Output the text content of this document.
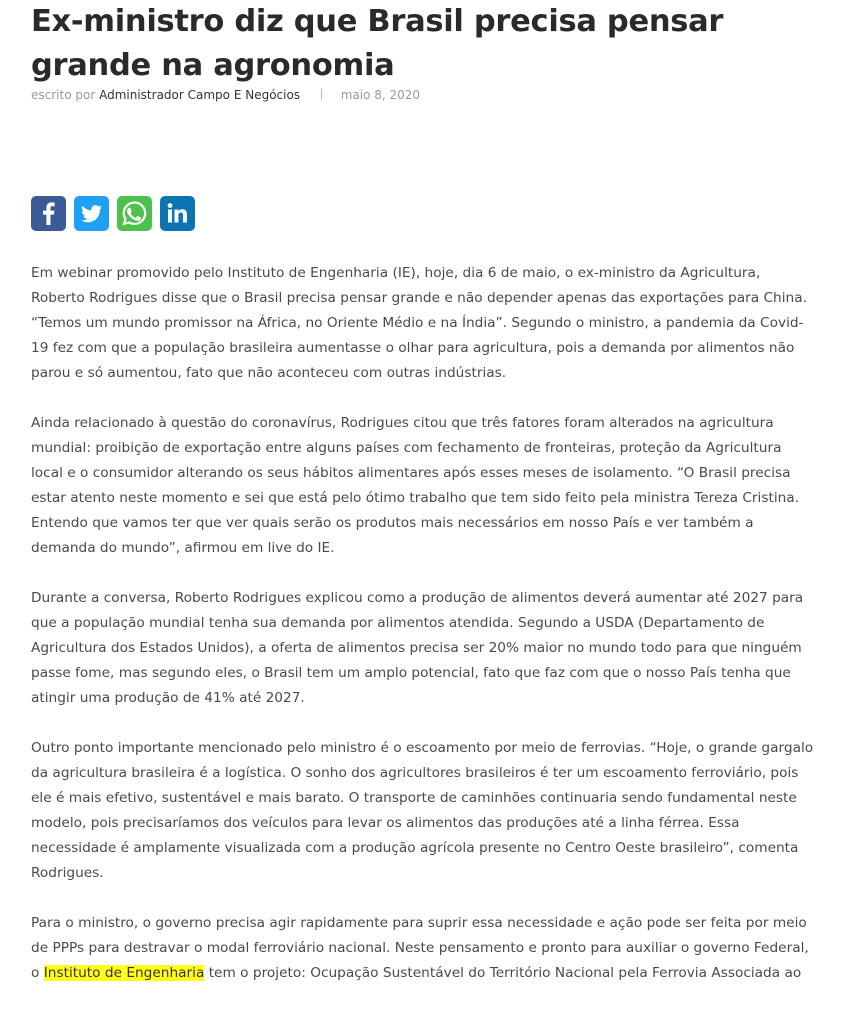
Ex-ministro diz que Brasil precisa pensar grande na agronomia
escrito por Administrador Campo E Negócios	maio 8, 2020

Em webinar promovido pelo Instituto de Engenharia (IE), hoje, dia 6 de maio, o ex-ministro da Agricultura, Roberto Rodrigues disse que o Brasil precisa pensar grande e não depender apenas das exportações para China. “Temos um mundo promissor na África, no Oriente Médio e na Índia”. Segundo o ministro, a pandemia da Covid-19 fez com que a população brasileira aumentasse o olhar para agricultura, pois a demanda por alimentos não parou e só aumentou, fato que não aconteceu com outras indústrias.

Ainda relacionado à questão do coronavírus, Rodrigues citou que três fatores foram alterados na agricultura mundial: proibição de exportação entre alguns países com fechamento de fronteiras, proteção da Agricultura local e o consumidor alterando os seus hábitos alimentares após esses meses de isolamento. “O Brasil precisa estar atento neste momento e sei que está pelo ótimo trabalho que tem sido feito pela ministra Tereza Cristina. Entendo que vamos ter que ver quais serão os produtos mais necessários em nosso País e ver também a demanda do mundo”, afirmou em live do IE.

Durante a conversa, Roberto Rodrigues explicou como a produção de alimentos deverá aumentar até 2027 para que a população mundial tenha sua demanda por alimentos atendida. Segundo a USDA (Departamento de Agricultura dos Estados Unidos), a oferta de alimentos precisa ser 20% maior no mundo todo para que ninguém passe fome, mas segundo eles, o Brasil tem um amplo potencial, fato que faz com que o nosso País tenha que atingir uma produção de 41% até 2027.

Outro ponto importante mencionado pelo ministro é o escoamento por meio de ferrovias. “Hoje, o grande gargalo da agricultura brasileira é a logística. O sonho dos agricultores brasileiros é ter um escoamento ferroviário, pois ele é mais efetivo, sustentável e mais barato. O transporte de caminhões continuaria sendo fundamental neste modelo, pois precisaríamos dos veículos para levar os alimentos das produções até a linha férrea. Essa necessidade é amplamente visualizada com a produção agrícola presente no Centro Oeste brasileiro”, comenta Rodrigues.

Para o ministro, o governo precisa agir rapidamente para suprir essa necessidade e ação pode ser feita por meio de PPPs para destravar o modal ferroviário nacional. Neste pensamento e pronto para auxiliar o governo Federal, o Instituto de Engenharia tem o projeto: Ocupação Sustentável do Território Nacional pela Ferrovia Associada ao
